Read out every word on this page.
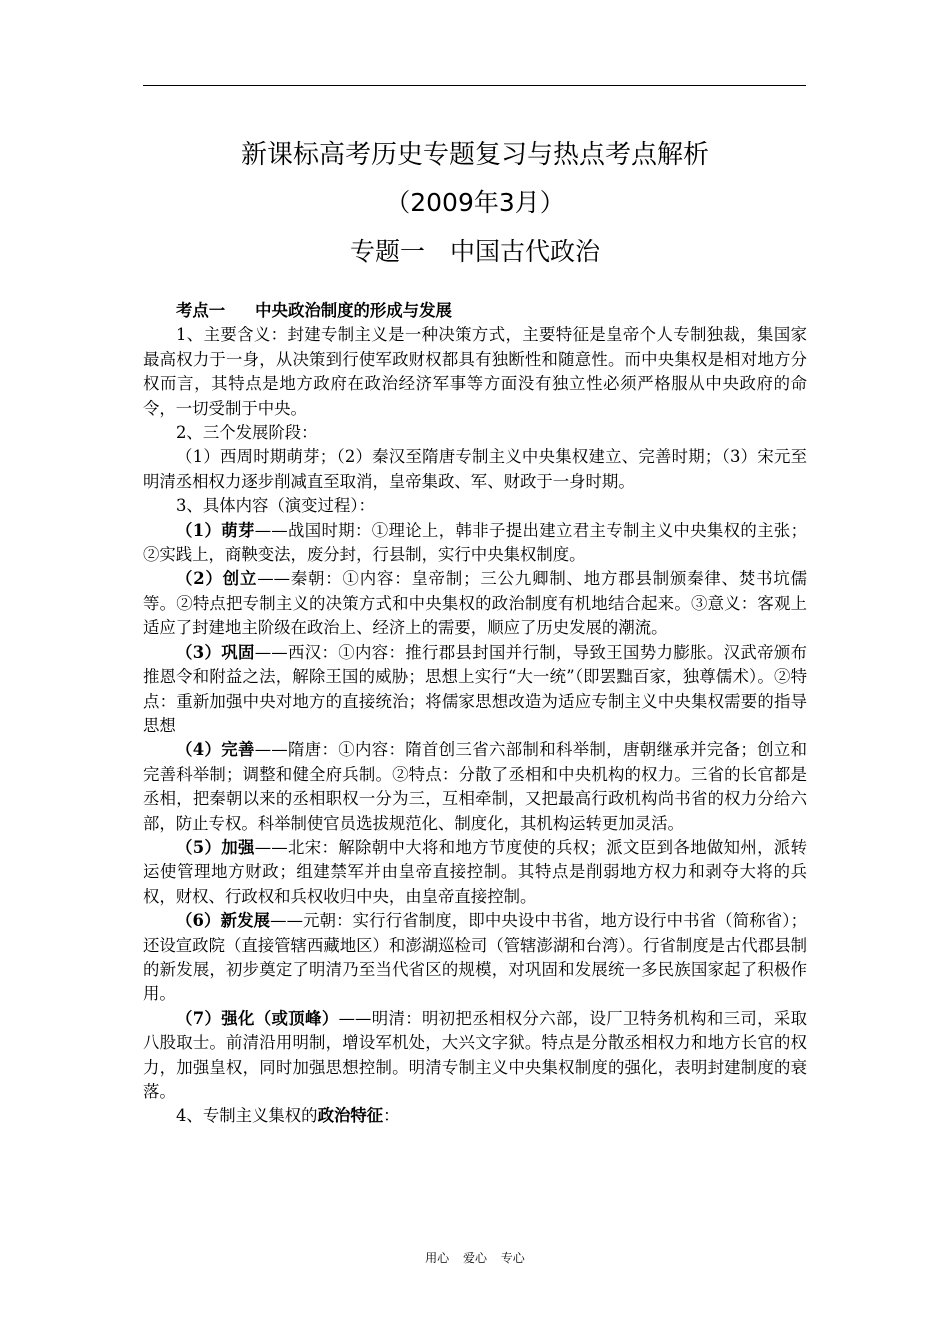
新课标高考历史专题复习与热点考点解析
（2009年3月）
专题一　中国古代政治

考点一 中央政治制度的形成与发展

1、主要含义：封建专制主义是一种决策方式，主要特征是皇帝个人专制独裁，集国家最高权力于一身，从决策到行使军政财权都具有独断性和随意性。而中央集权是相对地方分权而言，其特点是地方政府在政治经济军事等方面没有独立性必须严格服从中央政府的命令，一切受制于中央。

2、三个发展阶段：

（1）西周时期萌芽；（2）秦汉至隋唐专制主义中央集权建立、完善时期；（3）宋元至明清丞相权力逐步削减直至取消，皇帝集政、军、财政于一身时期。

3、具体内容（演变过程）：

（1）萌芽——战国时期：①理论上，韩非子提出建立君主专制主义中央集权的主张；②实践上，商鞅变法，废分封，行县制，实行中央集权制度。

（2）创立——秦朝：①内容：皇帝制；三公九卿制、地方郡县制颁秦律、焚书坑儒等。②特点把专制主义的决策方式和中央集权的政治制度有机地结合起来。③意义：客观上适应了封建地主阶级在政治上、经济上的需要，顺应了历史发展的潮流。

（3）巩固——西汉：①内容：推行郡县封国并行制，导致王国势力膨胀。汉武帝颁布推恩令和附益之法，解除王国的威胁；思想上实行“大一统”（即罢黜百家，独尊儒术）。②特点：重新加强中央对地方的直接统治；将儒家思想改造为适应专制主义中央集权需要的指导思想

（4）完善——隋唐：①内容：隋首创三省六部制和科举制，唐朝继承并完备；创立和完善科举制；调整和健全府兵制。②特点：分散了丞相和中央机构的权力。三省的长官都是丞相，把秦朝以来的丞相职权一分为三，互相牵制，又把最高行政机构尚书省的权力分给六部，防止专权。科举制使官员选拔规范化、制度化，其机构运转更加灵活。

（5）加强——北宋：解除朝中大将和地方节度使的兵权；派文臣到各地做知州，派转运使管理地方财政；组建禁军并由皇帝直接控制。其特点是削弱地方权力和剥夺大将的兵权，财权、行政权和兵权收归中央，由皇帝直接控制。

（6）新发展——元朝：实行行省制度，即中央设中书省，地方设行中书省（简称省）；还设宣政院（直接管辖西藏地区）和澎湖巡检司（管辖澎湖和台湾）。行省制度是古代郡县制的新发展，初步奠定了明清乃至当代省区的规模，对巩固和发展统一多民族国家起了积极作用。

（7）强化（或顶峰）——明清：明初把丞相权分六部，设厂卫特务机构和三司，采取八股取士。前清沿用明制，增设军机处，大兴文字狱。特点是分散丞相权力和地方长官的权力，加强皇权，同时加强思想控制。明清专制主义中央集权制度的强化，表明封建制度的衰落。

4、专制主义集权的政治特征：

用心 爱心 专心
